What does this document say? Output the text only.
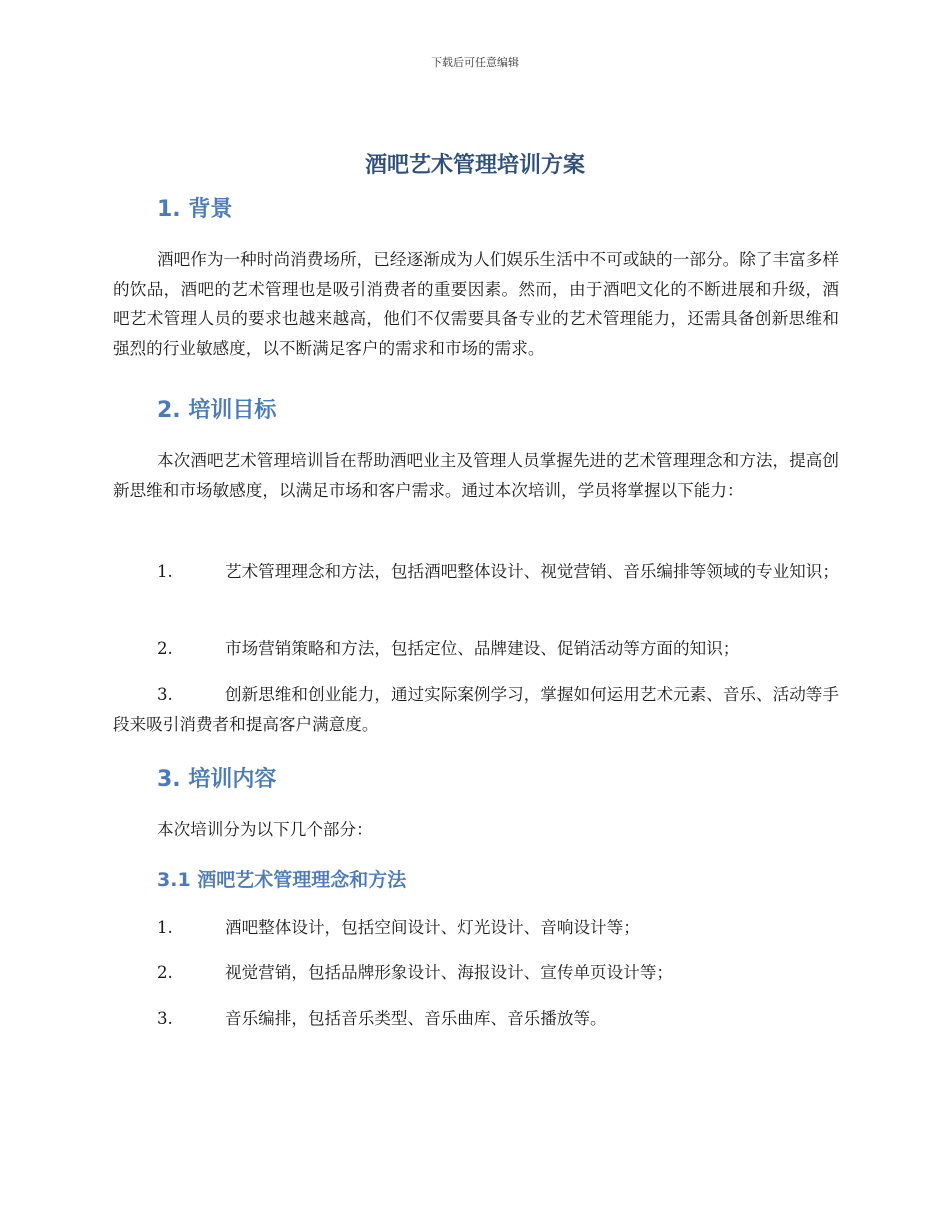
下载后可任意编辑
酒吧艺术管理培训方案
1. 背景

酒吧作为一种时尚消费场所，已经逐渐成为人们娱乐生活中不可或缺的一部分。除了丰富多样的饮品，酒吧的艺术管理也是吸引消费者的重要因素。然而，由于酒吧文化的不断进展和升级，酒吧艺术管理人员的要求也越来越高，他们不仅需要具备专业的艺术管理能力，还需具备创新思维和强烈的行业敏感度，以不断满足客户的需求和市场的需求。

2. 培训目标

本次酒吧艺术管理培训旨在帮助酒吧业主及管理人员掌握先进的艺术管理理念和方法，提高创新思维和市场敏感度，以满足市场和客户需求。通过本次培训，学员将掌握以下能力：

1.	艺术管理理念和方法，包括酒吧整体设计、视觉营销、音乐编排等领域的专业知识；

2.	市场营销策略和方法，包括定位、品牌建设、促销活动等方面的知识；

3.	创新思维和创业能力，通过实际案例学习，掌握如何运用艺术元素、音乐、活动等手段来吸引消费者和提高客户满意度。

3. 培训内容

本次培训分为以下几个部分：

3.1 酒吧艺术管理理念和方法

1.	酒吧整体设计，包括空间设计、灯光设计、音响设计等；

2.	视觉营销，包括品牌形象设计、海报设计、宣传单页设计等；

3.	音乐编排，包括音乐类型、音乐曲库、音乐播放等。
